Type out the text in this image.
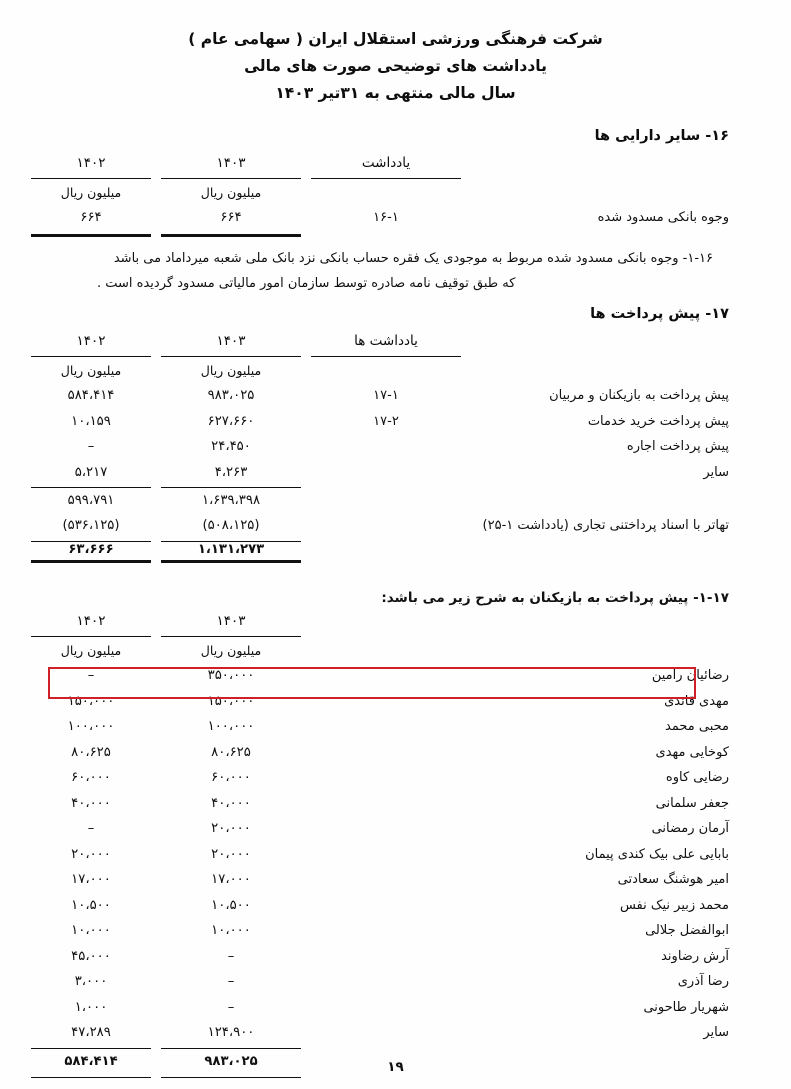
شرکت فرهنگی ورزشی استقلال ایران ( سهامی عام )
یادداشت های توضیحی صورت های مالی
سال مالی منتهی به ۳۱تیر ۱۴۰۳
۱۶- سایر دارایی ها
	یادداشت		۱۴۰۳		۱۴۰۲

			میلیون ریال		میلیون ریال
وجوه بانکی مسدود شده	۱۶-۱		۶۶۴		۶۶۴

۱-۱۶- وجوه بانکی مسدود شده مربوط به موجودی یک فقره حساب بانکی نزد بانک ملی شعبه میرداماد می باشد
که طبق توقیف نامه صادره توسط سازمان امور مالیاتی مسدود گردیده است .
۱۷- پیش پرداخت ها
	یادداشت ها		۱۴۰۳		۱۴۰۲

			میلیون ریال		میلیون ریال
پیش پرداخت به بازیکنان و مربیان	۱۷-۱		۹۸۳،۰۲۵		۵۸۴،۴۱۴
پیش پرداخت خرید خدمات	۱۷-۲		۶۲۷،۶۶۰		۱۰،۱۵۹
پیش پرداخت اجاره			۲۴،۴۵۰		–
سایر			۴،۲۶۳		۵،۲۱۷

			۱،۶۳۹،۳۹۸		۵۹۹،۷۹۱
تهاتر با اسناد پرداختنی تجاری (یادداشت ۱-۲۵)			(۵۰۸،۱۲۵)		(۵۳۶،۱۲۵)

			۱،۱۳۱،۲۷۳		۶۳،۶۶۶

۱-۱۷- پیش پرداخت به بازیکنان به شرح زیر می باشد:
		۱۴۰۳		۱۴۰۲

		میلیون ریال		میلیون ریال
رضائیان رامین		۳۵۰،۰۰۰		–
مهدی قائدی		۱۵۰،۰۰۰		۱۵۰،۰۰۰
محبی محمد		۱۰۰،۰۰۰		۱۰۰،۰۰۰
کوخایی مهدی		۸۰،۶۲۵		۸۰،۶۲۵
رضایی کاوه		۶۰،۰۰۰		۶۰،۰۰۰
جعفر سلمانی		۴۰،۰۰۰		۴۰،۰۰۰
آرمان رمضانی		۲۰،۰۰۰		–
بابایی علی بیک کندی پیمان		۲۰،۰۰۰		۲۰،۰۰۰
امیر هوشنگ سعادتی		۱۷،۰۰۰		۱۷،۰۰۰
محمد زبیر نیک نفس		۱۰،۵۰۰		۱۰،۵۰۰
ابوالفضل جلالی		۱۰،۰۰۰		۱۰،۰۰۰
آرش رضاوند		–		۴۵،۰۰۰
رضا آذری		–		۳،۰۰۰
شهریار طاحونی		–		۱،۰۰۰
سایر		۱۲۴،۹۰۰		۴۷،۲۸۹

		۹۸۳،۰۲۵		۵۸۴،۴۱۴
					۱۹
